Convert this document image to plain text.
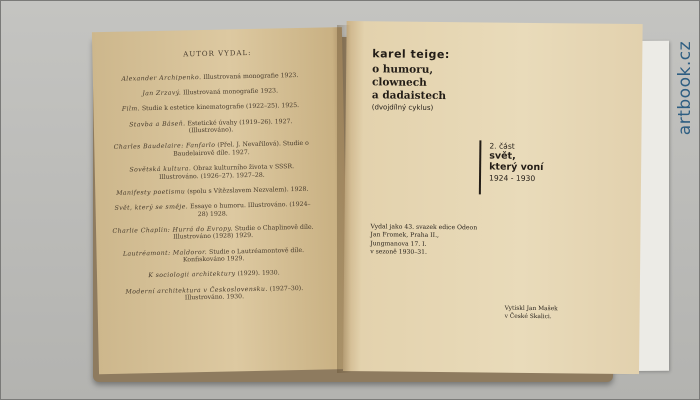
AUTOR VYDAL:
Alexander Archipenko. Illustrovaná monografie 1923.
Jan Zrzavý. Illustrovaná monografie 1923.
Film. Studie k estetice kinematografie (1922–25). 1925.
Stavba a Báseň. Estetické úvahy (1919–26). 1927. (Illustrováno).
Charles Baudelaire: Fanfarlo (Přel. J. Nevařilová). Studie o Baudelairově díle. 1927.
Sovětská kultura. Obraz kulturního života v SSSR. Illustrováno. (1926–27). 1927–28.
Manifesty poetismu (spolu s Vítězslavem Nezvalem). 1928.
Svět, který se směje. Essaye o humoru. Illustrováno. (1924–28) 1928.
Charlie Chaplin: Hurrá do Evropy. Studie o Chaplinově díle. Illustrováno (1928) 1929.
Lautréamont: Maldoror. Studie o Lautréamontově díle. Konfiskováno 1929.
K sociologii architektury (1929). 1930.
Moderní architektura v Československu. (1927–30). Illustrováno. 1930.
karel teige:
o humoru,
clownech
a dadaistech
(dvojdílný cyklus)
2. část
svět,
který voní
1924 - 1930
Vydal jako 43. svazek edice Odeon
Jan Fromek, Praha II.,
Jungmanova 17. I.
v sezoně 1930–31.
Vytiskl Jan Mašek
v České Skalici.
artbook.cz
